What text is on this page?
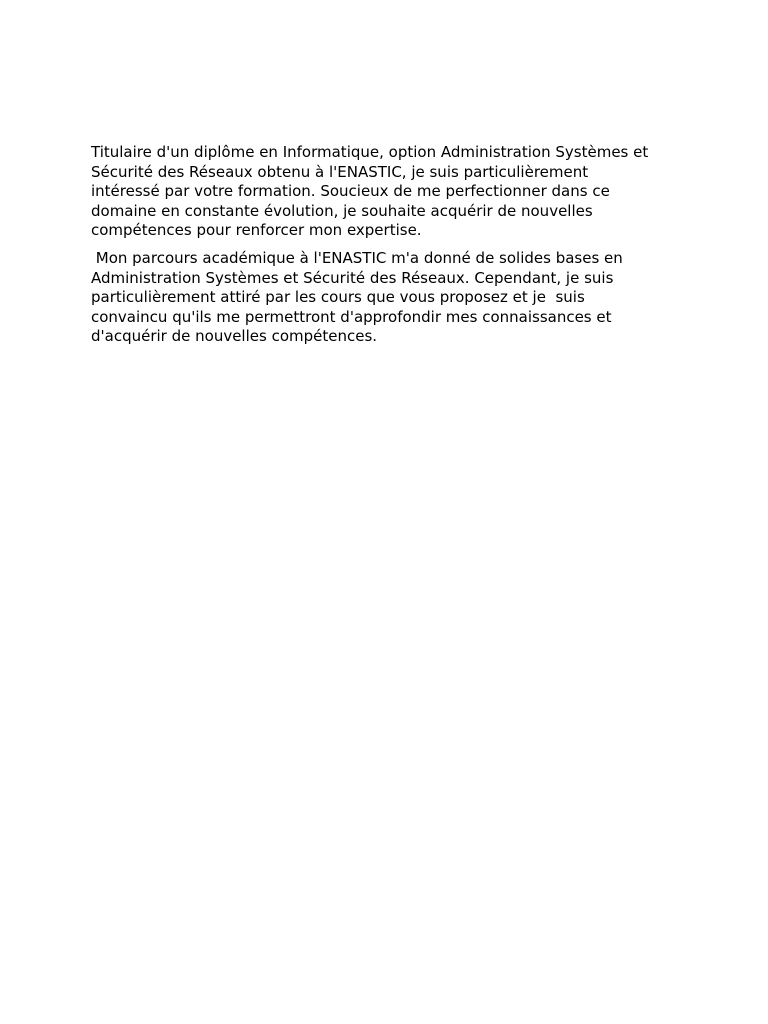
Titulaire d'un diplôme en Informatique, option Administration Systèmes et
Sécurité des Réseaux obtenu à l'ENASTIC, je suis particulièrement
intéressé par votre formation. Soucieux de me perfectionner dans ce
domaine en constante évolution, je souhaite acquérir de nouvelles
compétences pour renforcer mon expertise.
Mon parcours académique à l'ENASTIC m'a donné de solides bases en
Administration Systèmes et Sécurité des Réseaux. Cependant, je suis
particulièrement attiré par les cours que vous proposez et je  suis
convaincu qu'ils me permettront d'approfondir mes connaissances et
d'acquérir de nouvelles compétences.
